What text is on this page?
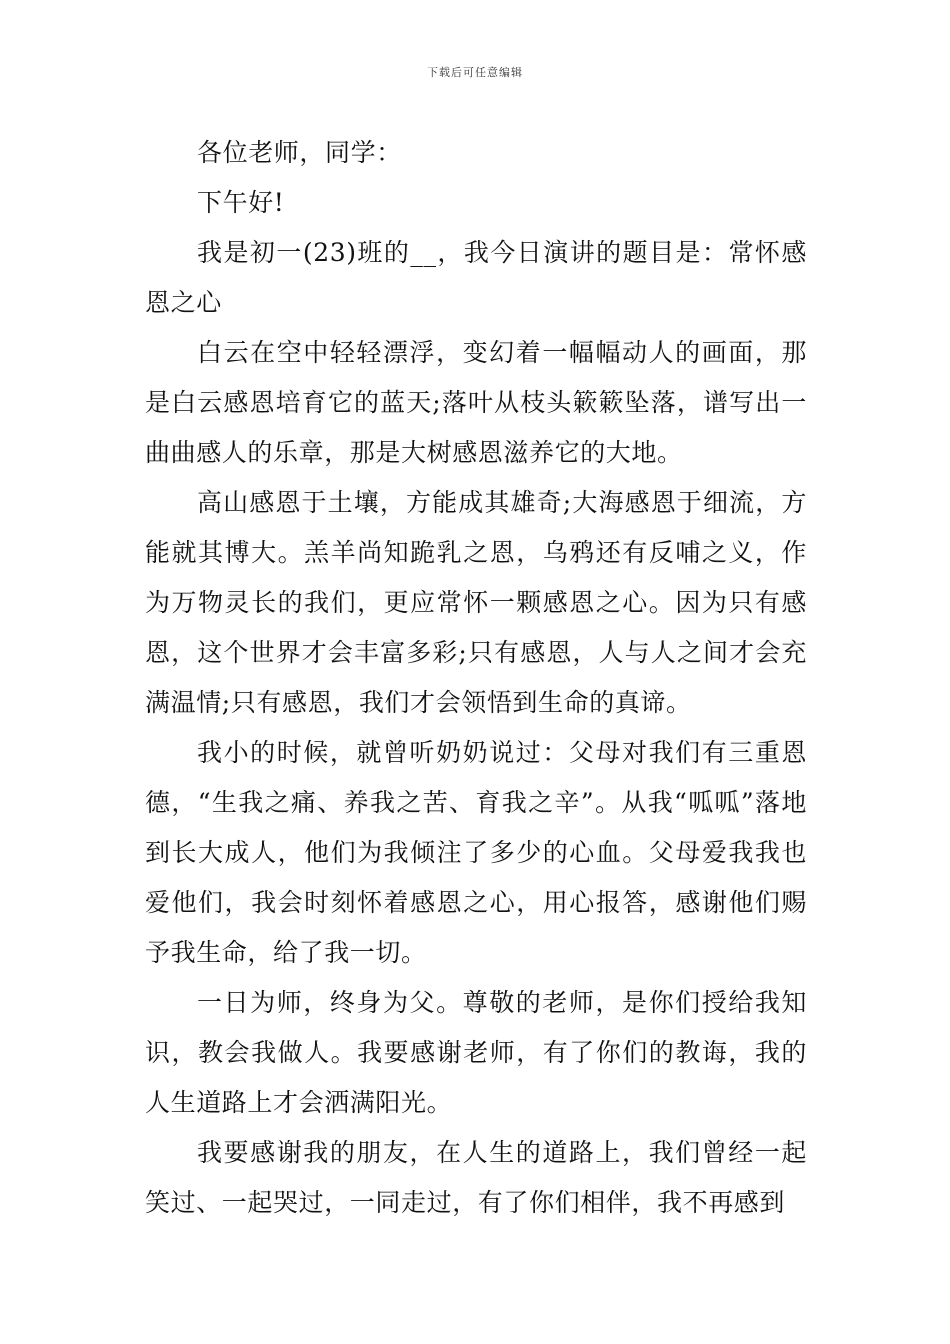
下载后可任意编辑

各位老师，同学：

下午好!

我是初一(23)班的__，我今日演讲的题目是：常怀感恩之心

白云在空中轻轻漂浮，变幻着一幅幅动人的画面，那是白云感恩培育它的蓝天;落叶从枝头簌簌坠落，谱写出一曲曲感人的乐章，那是大树感恩滋养它的大地。

高山感恩于土壤，方能成其雄奇;大海感恩于细流，方能就其博大。羔羊尚知跪乳之恩，乌鸦还有反哺之义，作为万物灵长的我们，更应常怀一颗感恩之心。因为只有感恩，这个世界才会丰富多彩;只有感恩，人与人之间才会充满温情;只有感恩，我们才会领悟到生命的真谛。

我小的时候，就曾听奶奶说过：父母对我们有三重恩德，“生我之痛、养我之苦、育我之辛”。从我“呱呱”落地到长大成人，他们为我倾注了多少的心血。父母爱我我也爱他们，我会时刻怀着感恩之心，用心报答，感谢他们赐予我生命，给了我一切。

一日为师，终身为父。尊敬的老师，是你们授给我知识，教会我做人。我要感谢老师，有了你们的教诲，我的人生道路上才会洒满阳光。

我要感谢我的朋友，在人生的道路上，我们曾经一起笑过、一起哭过，一同走过，有了你们相伴，我不再感到
